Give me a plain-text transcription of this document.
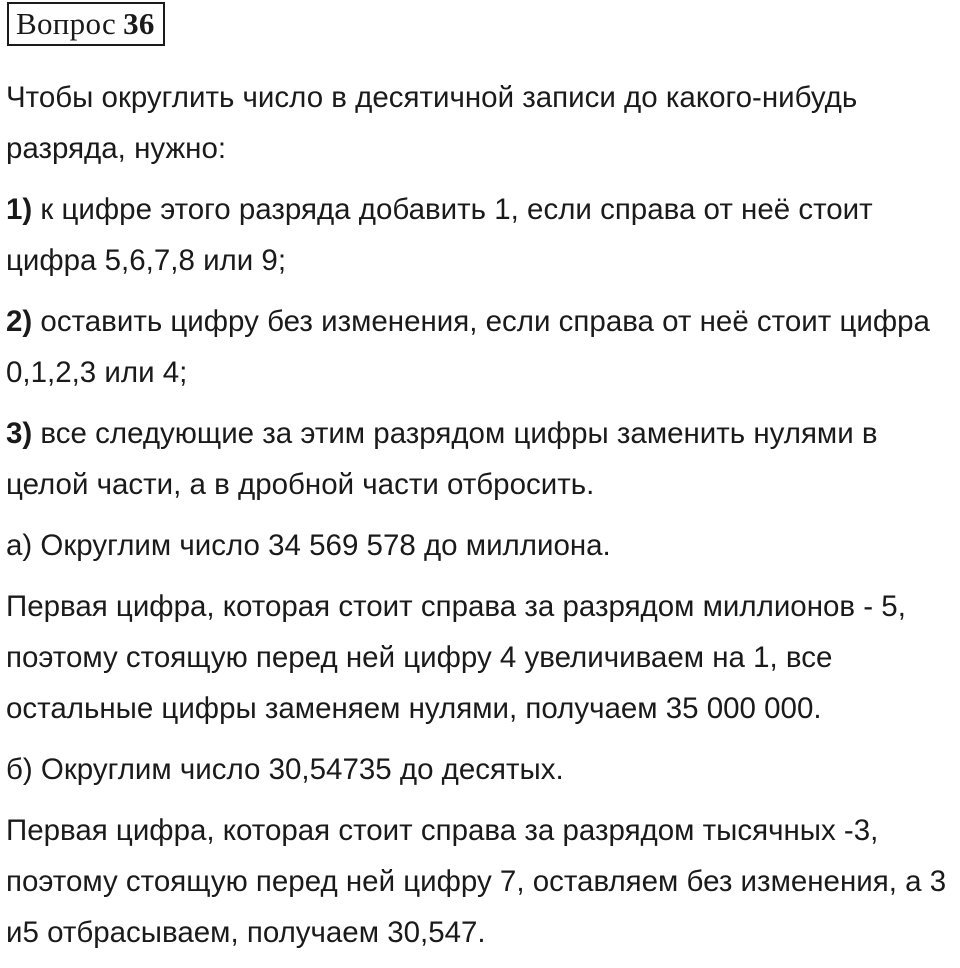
Вопрос 36

Чтобы округлить число в десятичной записи до какого-нибудь разряда, нужно:

1) к цифре этого разряда добавить 1, если справа от неё стоит цифра 5,6,7,8 или 9;

2) оставить цифру без изменения, если справа от неё стоит цифра 0,1,2,3 или 4;

3) все следующие за этим разрядом цифры заменить нулями в целой части, а в дробной части отбросить.

а) Округлим число 34 569 578 до миллиона.

Первая цифра, которая стоит справа за разрядом миллионов - 5, поэтому стоящую перед ней цифру 4 увеличиваем на 1, все остальные цифры заменяем нулями, получаем 35 000 000.

б) Округлим число 30,54735 до десятых.

Первая цифра, которая стоит справа за разрядом тысячных -3, поэтому стоящую перед ней цифру 7, оставляем без изменения, а 3 и5 отбрасываем, получаем 30,547.
